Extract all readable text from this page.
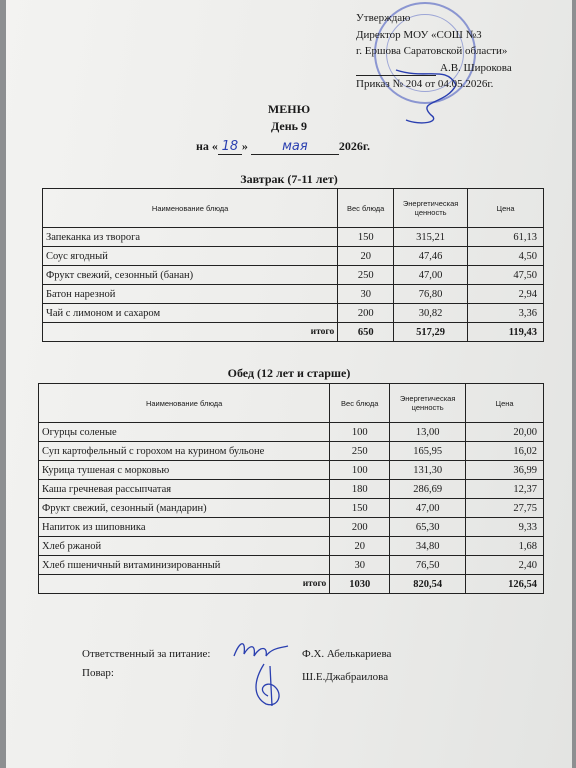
Утверждаю
Директор МОУ «СОШ №3
г. Ершова Саратовской области»
А.В. Широкова
Приказ № 204 от 04.05.2026г.
МЕНЮ
День 9
на « 18 »	мая	2026г.
Завтрак (7-11 лет)
Наименование блюда	Вес блюда	Энергетическая ценность	Цена
Запеканка из творога	150	315,21	61,13
Соус ягодный	20	47,46	4,50
Фрукт свежий, сезонный (банан)	250	47,00	47,50
Батон нарезной	30	76,80	2,94
Чай с лимоном и сахаром	200	30,82	3,36
итого	650	517,29	119,43
Обед (12 лет и старше)
Наименование блюда	Вес блюда	Энергетическая ценность	Цена
Огурцы соленые	100	13,00	20,00
Суп картофельный с горохом на курином бульоне	250	165,95	16,02
Курица тушеная с морковью	100	131,30	36,99
Каша гречневая рассыпчатая	180	286,69	12,37
Фрукт свежий, сезонный (мандарин)	150	47,00	27,75
Напиток из шиповника	200	65,30	9,33
Хлеб ржаной	20	34,80	1,68
Хлеб пшеничный витаминизированный	30	76,50	2,40
итого	1030	820,54	126,54
Ответственный за питание:	Ф.Х. Абелькариева
Повар:	Ш.Е.Джабраилова
